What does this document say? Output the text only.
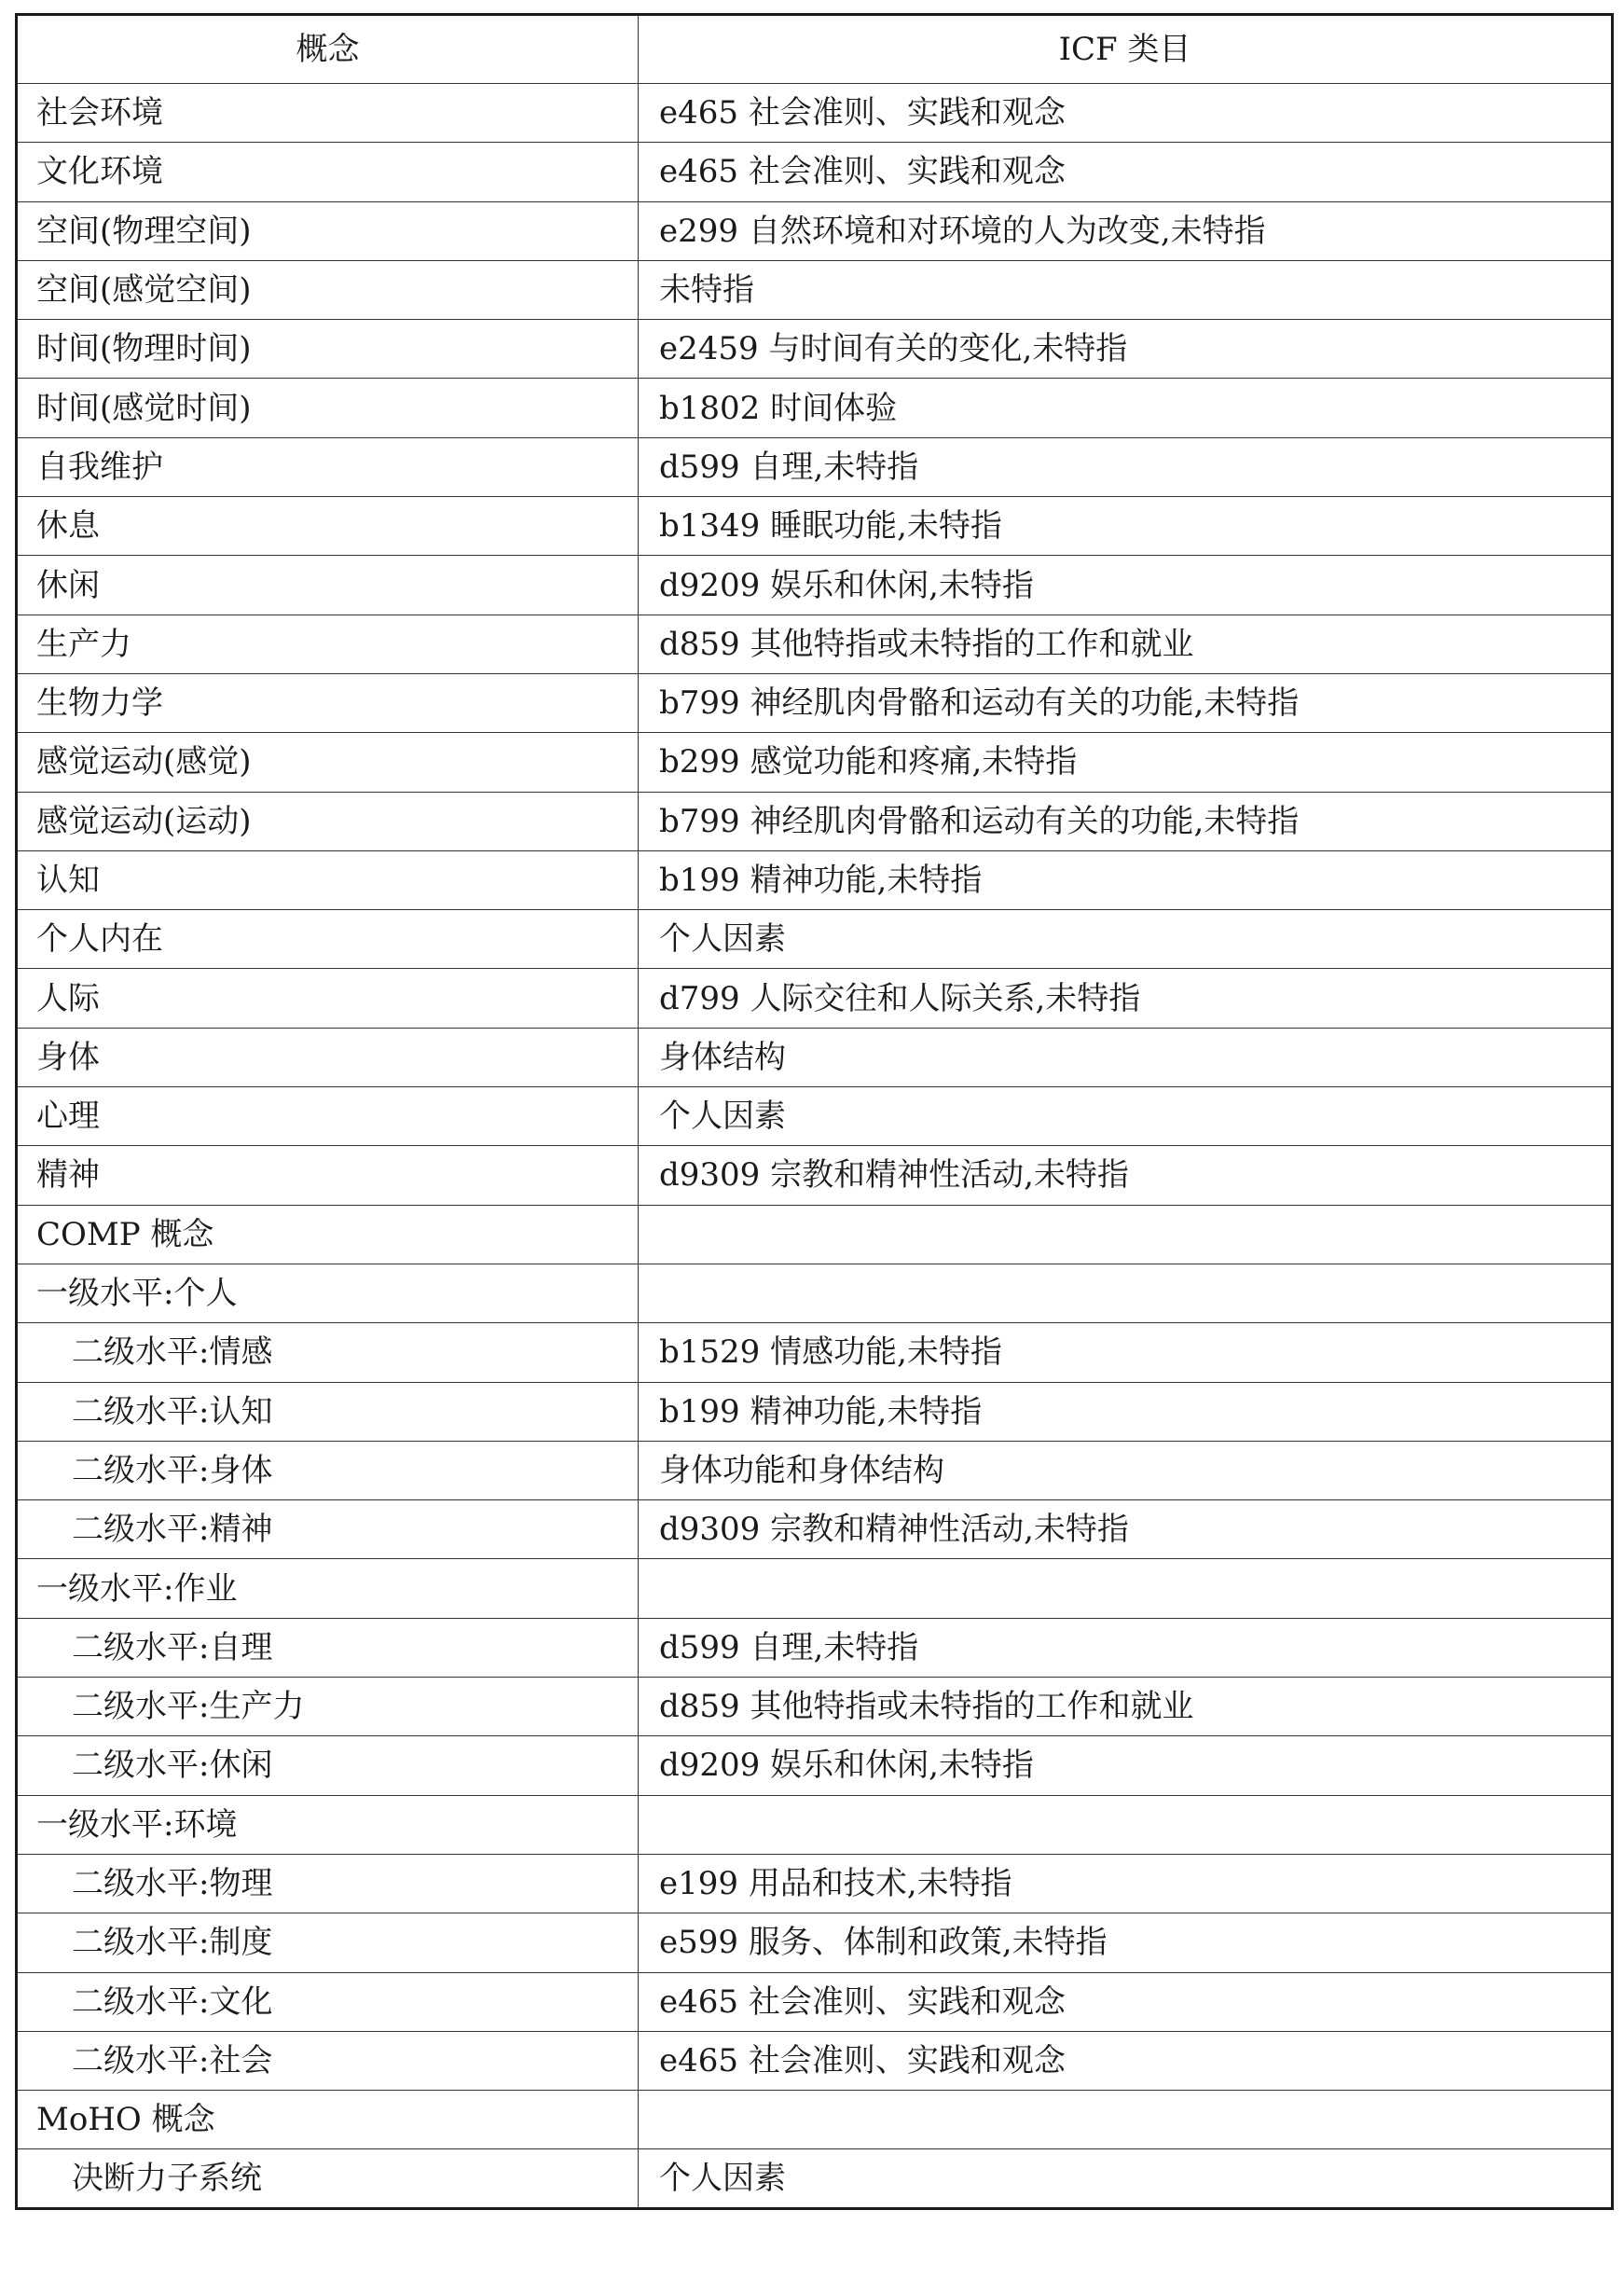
概念	ICF 类目
社会环境	e465 社会准则、实践和观念
文化环境	e465 社会准则、实践和观念
空间(物理空间)	e299 自然环境和对环境的人为改变,未特指
空间(感觉空间)	未特指
时间(物理时间)	e2459 与时间有关的变化,未特指
时间(感觉时间)	b1802 时间体验
自我维护	d599 自理,未特指
休息	b1349 睡眠功能,未特指
休闲	d9209 娱乐和休闲,未特指
生产力	d859 其他特指或未特指的工作和就业
生物力学	b799 神经肌肉骨骼和运动有关的功能,未特指
感觉运动(感觉)	b299 感觉功能和疼痛,未特指
感觉运动(运动)	b799 神经肌肉骨骼和运动有关的功能,未特指
认知	b199 精神功能,未特指
个人内在	个人因素
人际	d799 人际交往和人际关系,未特指
身体	身体结构
心理	个人因素
精神	d9309 宗教和精神性活动,未特指
COMP 概念	
一级水平:个人	
二级水平:情感	b1529 情感功能,未特指
二级水平:认知	b199 精神功能,未特指
二级水平:身体	身体功能和身体结构
二级水平:精神	d9309 宗教和精神性活动,未特指
一级水平:作业	
二级水平:自理	d599 自理,未特指
二级水平:生产力	d859 其他特指或未特指的工作和就业
二级水平:休闲	d9209 娱乐和休闲,未特指
一级水平:环境	
二级水平:物理	e199 用品和技术,未特指
二级水平:制度	e599 服务、体制和政策,未特指
二级水平:文化	e465 社会准则、实践和观念
二级水平:社会	e465 社会准则、实践和观念
MoHO 概念	
决断力子系统	个人因素
